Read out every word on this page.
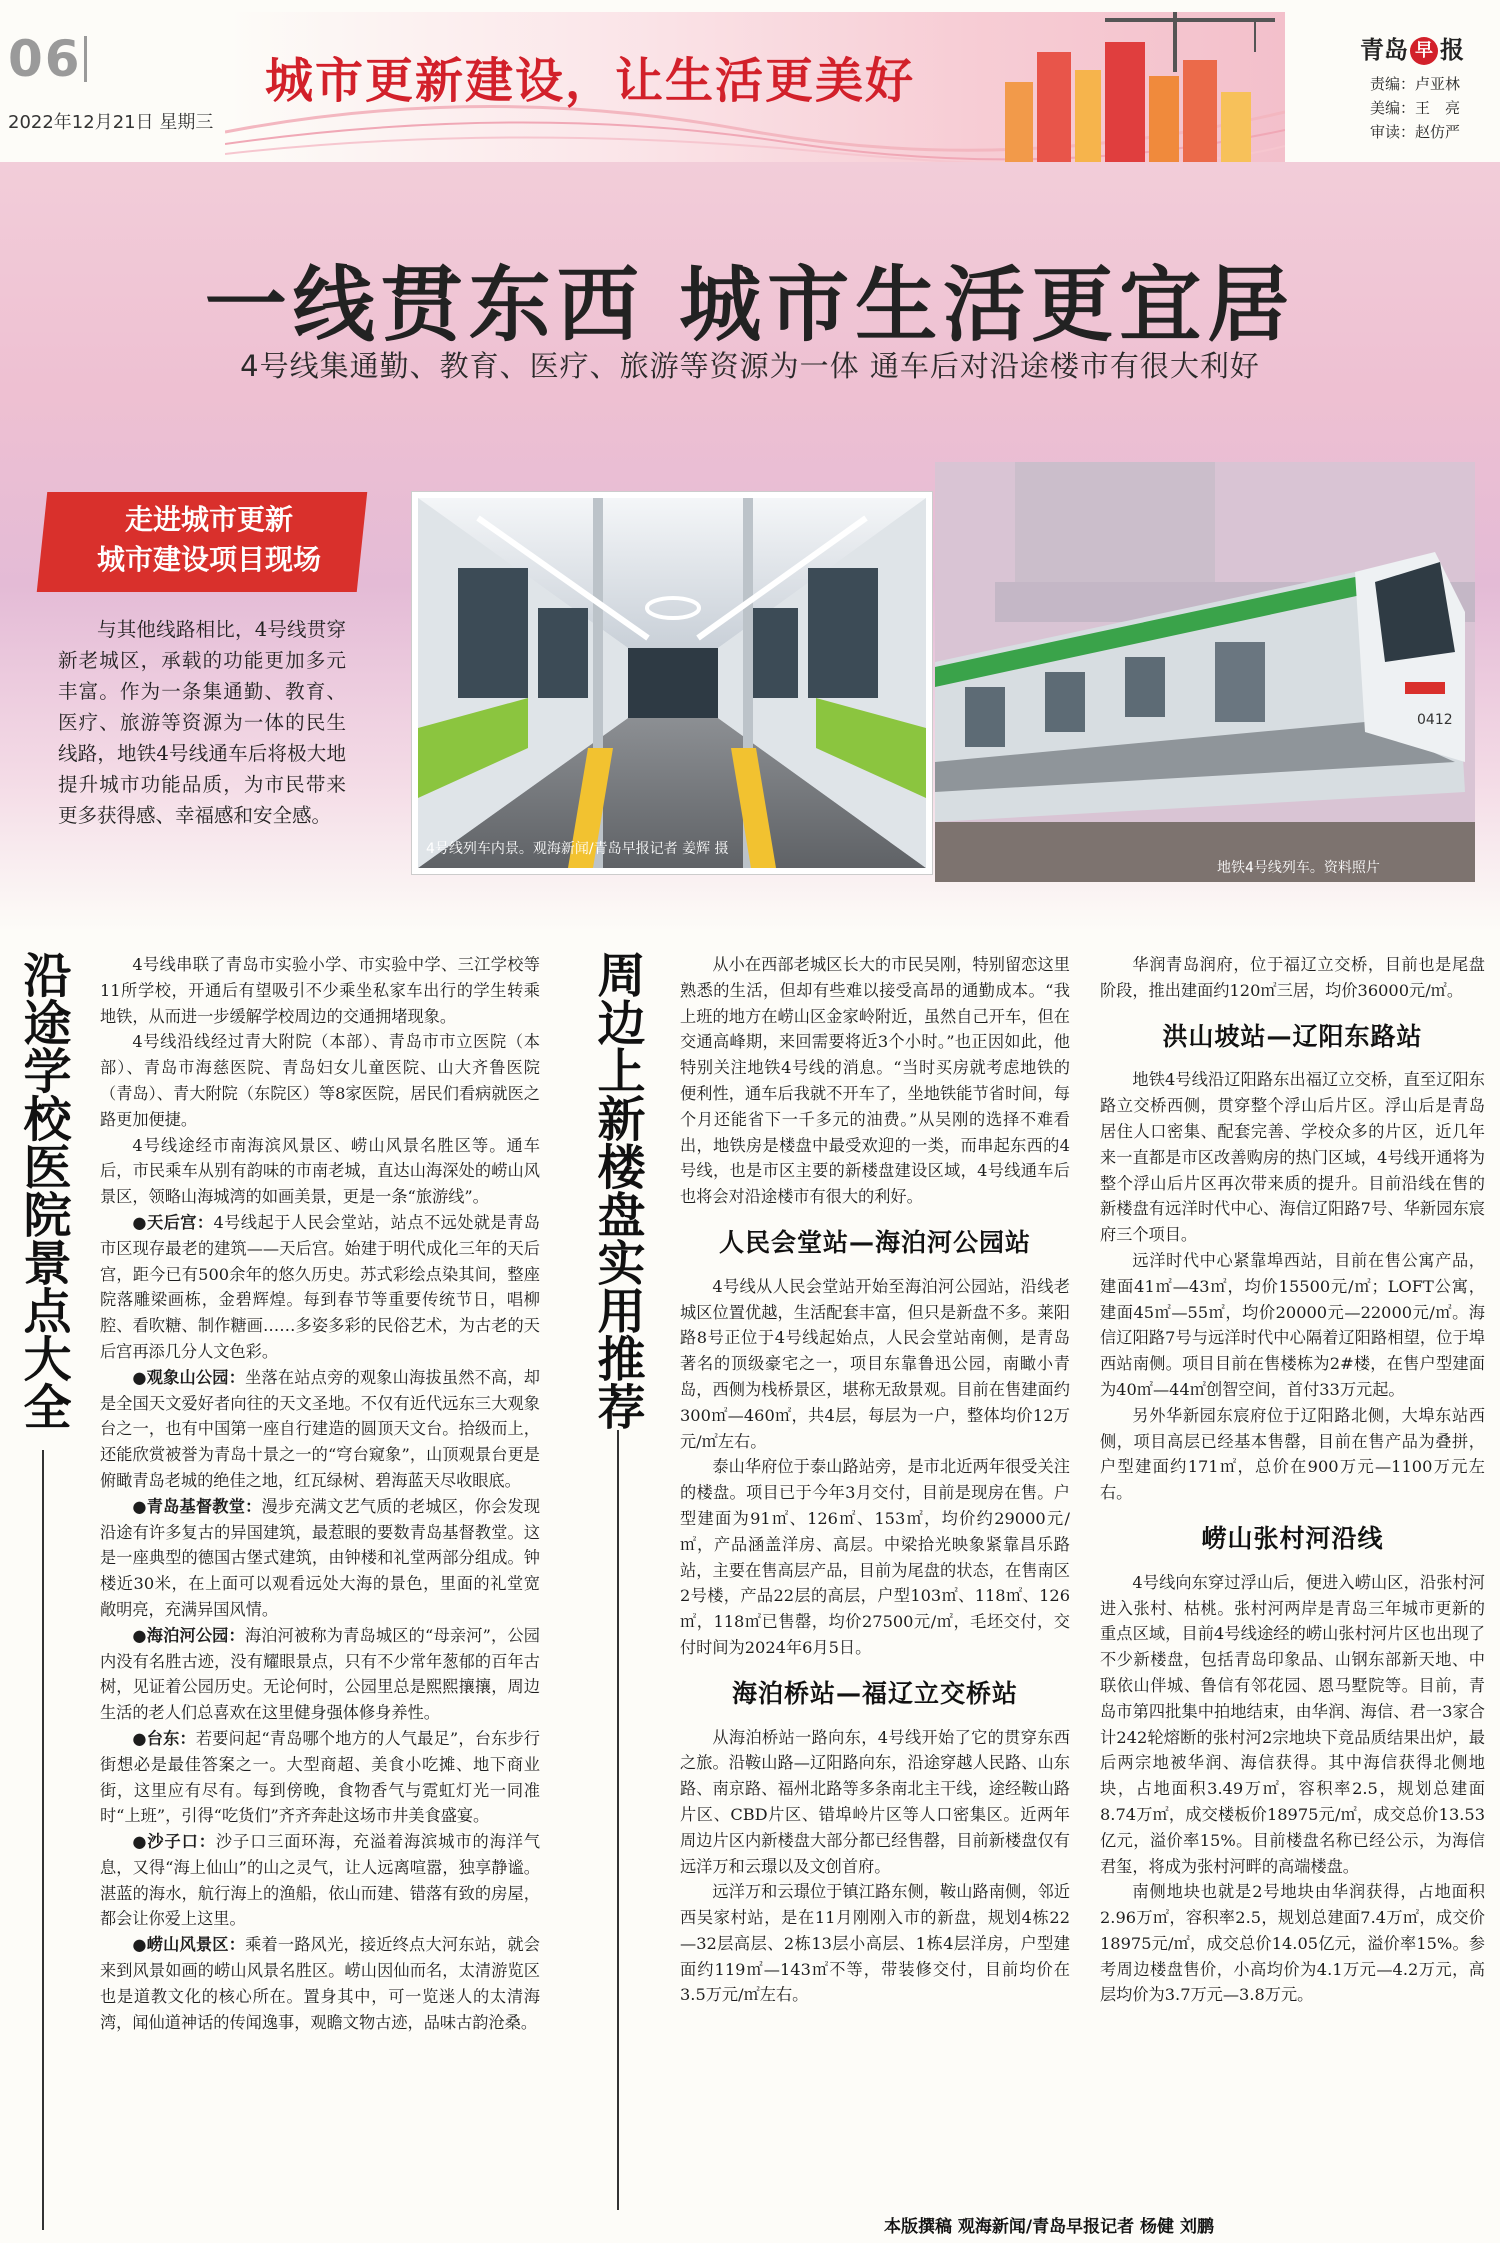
06
2022年12月21日 星期三
城市更新建设，让生活更美好
青岛 早 报
责编：卢亚林
美编：王　亮
审读：赵仿严
一线贯东西 城市生活更宜居
4号线集通勤、教育、医疗、旅游等资源为一体 通车后对沿途楼市有很大利好
走进城市更新
城市建设项目现场

与其他线路相比，4号线贯穿新老城区，承载的功能更加多元丰富。作为一条集通勤、教育、医疗、旅游等资源为一体的民生线路，地铁4号线通车后将极大地提升城市功能品质，为市民带来更多获得感、幸福感和安全感。

4号线列车内景。观海新闻/青岛早报记者 姜辉 摄
0412
地铁4号线列车。资料照片
沿途学校医院景点大全	4号线串联了青岛市实验小学、市实验中学、三江学校等11所学校，开通后有望吸引不少乘坐私家车出行的学生转乘地铁，从而进一步缓解学校周边的交通拥堵现象。

4号线沿线经过青大附院（本部）、青岛市市立医院（本部）、青岛市海慈医院、青岛妇女儿童医院、山大齐鲁医院（青岛）、青大附院（东院区）等8家医院，居民们看病就医之路更加便捷。

4号线途经市南海滨风景区、崂山风景名胜区等。通车后，市民乘车从别有韵味的市南老城，直达山海深处的崂山风景区，领略山海城湾的如画美景，更是一条“旅游线”。

●天后宫：4号线起于人民会堂站，站点不远处就是青岛市区现存最老的建筑——天后宫。始建于明代成化三年的天后宫，距今已有500余年的悠久历史。苏式彩绘点染其间，整座院落雕梁画栋，金碧辉煌。每到春节等重要传统节日，唱柳腔、看吹糖、制作糖画……多姿多彩的民俗艺术，为古老的天后宫再添几分人文色彩。

●观象山公园：坐落在站点旁的观象山海拔虽然不高，却是全国天文爱好者向往的天文圣地。不仅有近代远东三大观象台之一，也有中国第一座自行建造的圆顶天文台。拾级而上，还能欣赏被誉为青岛十景之一的“穹台窥象”，山顶观景台更是俯瞰青岛老城的绝佳之地，红瓦绿树、碧海蓝天尽收眼底。

●青岛基督教堂：漫步充满文艺气质的老城区，你会发现沿途有许多复古的异国建筑，最惹眼的要数青岛基督教堂。这是一座典型的德国古堡式建筑，由钟楼和礼堂两部分组成。钟楼近30米，在上面可以观看远处大海的景色，里面的礼堂宽敞明亮，充满异国风情。

●海泊河公园：海泊河被称为青岛城区的“母亲河”，公园内没有名胜古迹，没有耀眼景点，只有不少常年葱郁的百年古树，见证着公园历史。无论何时，公园里总是熙熙攘攘，周边生活的老人们总喜欢在这里健身强体修身养性。

●台东：若要问起“青岛哪个地方的人气最足”，台东步行街想必是最佳答案之一。大型商超、美食小吃摊、地下商业街，这里应有尽有。每到傍晚，食物香气与霓虹灯光一同准时“上班”，引得“吃货们”齐齐奔赴这场市井美食盛宴。

●沙子口：沙子口三面环海，充溢着海滨城市的海洋气息，又得“海上仙山”的山之灵气，让人远离喧嚣，独享静谧。湛蓝的海水，航行海上的渔船，依山而建、错落有致的房屋，都会让你爱上这里。

●崂山风景区：乘着一路风光，接近终点大河东站，就会来到风景如画的崂山风景名胜区。崂山因仙而名，太清游览区也是道教文化的核心所在。置身其中，可一览迷人的太清海湾，闻仙道神话的传闻逸事，观瞻文物古迹，品味古韵沧桑。

周边上新楼盘实用推荐	从小在西部老城区长大的市民吴刚，特别留恋这里熟悉的生活，但却有些难以接受高昂的通勤成本。“我上班的地方在崂山区金家岭附近，虽然自己开车，但在交通高峰期，来回需要将近3个小时。”也正因如此，他特别关注地铁4号线的消息。“当时买房就考虑地铁的便利性，通车后我就不开车了，坐地铁能节省时间，每个月还能省下一千多元的油费。”从吴刚的选择不难看出，地铁房是楼盘中最受欢迎的一类，而串起东西的4号线，也是市区主要的新楼盘建设区域，4号线通车后也将会对沿途楼市有很大的利好。

人民会堂站—海泊河公园站

4号线从人民会堂站开始至海泊河公园站，沿线老城区位置优越，生活配套丰富，但只是新盘不多。莱阳路8号正位于4号线起始点，人民会堂站南侧，是青岛著名的顶级豪宅之一，项目东靠鲁迅公园，南瞰小青岛，西侧为栈桥景区，堪称无敌景观。目前在售建面约300㎡—460㎡，共4层，每层为一户，整体均价12万元/㎡左右。

泰山华府位于泰山路站旁，是市北近两年很受关注的楼盘。项目已于今年3月交付，目前是现房在售。户型建面为91㎡、126㎡、153㎡，均价约29000元/㎡，产品涵盖洋房、高层。中梁拾光映象紧靠昌乐路站，主要在售高层产品，目前为尾盘的状态，在售南区2号楼，产品22层的高层，户型103㎡、118㎡、126㎡，118㎡已售罄，均价27500元/㎡，毛坯交付，交付时间为2024年6月5日。

海泊桥站—福辽立交桥站

从海泊桥站一路向东，4号线开始了它的贯穿东西之旅。沿鞍山路—辽阳路向东，沿途穿越人民路、山东路、南京路、福州北路等多条南北主干线，途经鞍山路片区、CBD片区、错埠岭片区等人口密集区。近两年周边片区内新楼盘大部分都已经售罄，目前新楼盘仅有远洋万和云璟以及文创首府。

远洋万和云璟位于镇江路东侧，鞍山路南侧，邻近西吴家村站，是在11月刚刚入市的新盘，规划4栋22—32层高层、2栋13层小高层、1栋4层洋房，户型建面约119㎡—143㎡不等，带装修交付，目前均价在3.5万元/㎡左右。

华润青岛润府，位于福辽立交桥，目前也是尾盘阶段，推出建面约120㎡三居，均价36000元/㎡。

洪山坡站—辽阳东路站

地铁4号线沿辽阳路东出福辽立交桥，直至辽阳东路立交桥西侧，贯穿整个浮山后片区。浮山后是青岛居住人口密集、配套完善、学校众多的片区，近几年来一直都是市区改善购房的热门区域，4号线开通将为整个浮山后片区再次带来质的提升。目前沿线在售的新楼盘有远洋时代中心、海信辽阳路7号、华新园东宸府三个项目。

远洋时代中心紧靠埠西站，目前在售公寓产品，建面41㎡—43㎡，均价15500元/㎡；LOFT公寓，建面45㎡—55㎡，均价20000元—22000元/㎡。海信辽阳路7号与远洋时代中心隔着辽阳路相望，位于埠西站南侧。项目目前在售楼栋为2#楼，在售户型建面为40㎡—44㎡创智空间，首付33万元起。

另外华新园东宸府位于辽阳路北侧，大埠东站西侧，项目高层已经基本售罄，目前在售产品为叠拼，户型建面约171㎡，总价在900万元—1100万元左右。

崂山张村河沿线

4号线向东穿过浮山后，便进入崂山区，沿张村河进入张村、枯桃。张村河两岸是青岛三年城市更新的重点区域，目前4号线途经的崂山张村河片区也出现了不少新楼盘，包括青岛印象品、山钢东部新天地、中联依山伴城、鲁信有邻花园、恩马墅院等。目前，青岛市第四批集中拍地结束，由华润、海信、君一3家合计242轮熔断的张村河2宗地块下竞品质结果出炉，最后两宗地被华润、海信获得。其中海信获得北侧地块，占地面积3.49万㎡，容积率2.5，规划总建面8.74万㎡，成交楼板价18975元/㎡，成交总价13.53亿元，溢价率15%。目前楼盘名称已经公示，为海信君玺，将成为张村河畔的高端楼盘。

南侧地块也就是2号地块由华润获得，占地面积2.96万㎡，容积率2.5，规划总建面7.4万㎡，成交价18975元/㎡，成交总价14.05亿元，溢价率15%。参考周边楼盘售价，小高均价为4.1万元—4.2万元，高层均价为3.7万元—3.8万元。

本版撰稿 观海新闻/青岛早报记者 杨健 刘鹏
